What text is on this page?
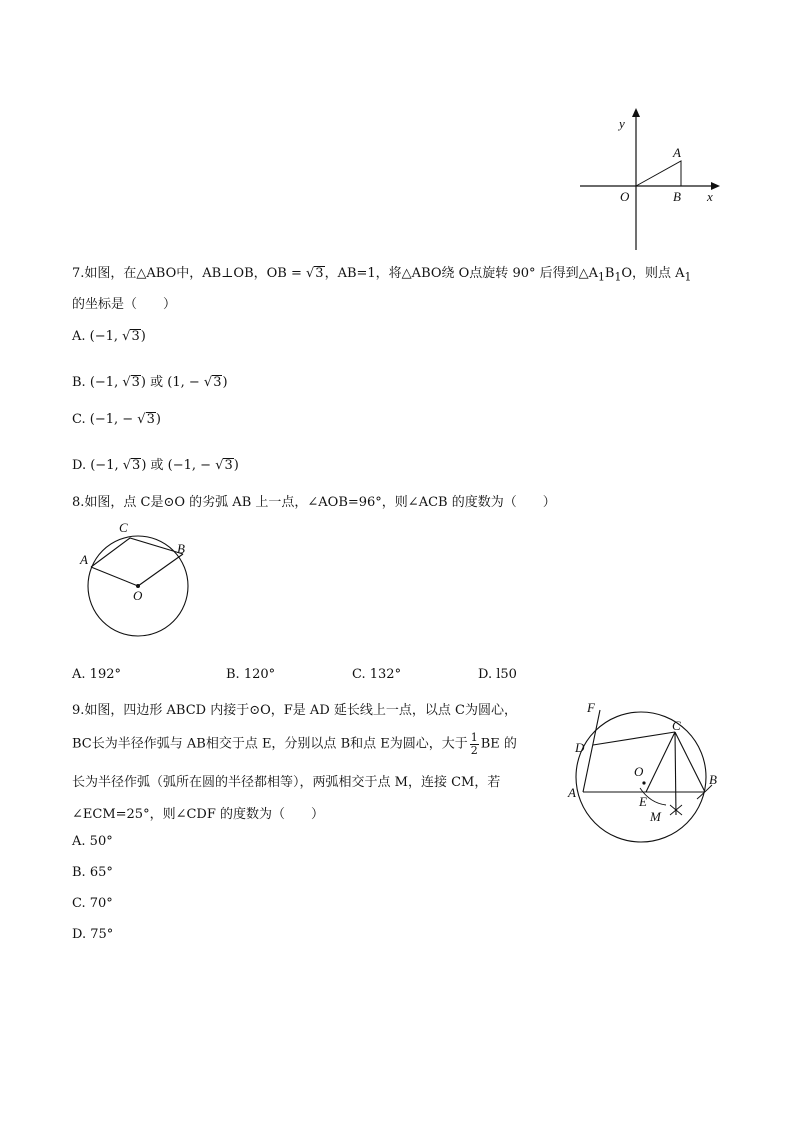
y
x
O
A
B
7.如图，在△ABO中，AB⊥OB，OB = √3，AB=1，将△ABO绕 O点旋转 90° 后得到$\triangle A_1B_1O$，则点 $A_1$
的坐标是（　　）
A. (−1, √3)
B. (−1, √3) 或 (1, − √3)
C. (−1, − √3)
D. (−1, √3) 或 (−1, − √3)
8.如图，点 C是⊙O 的劣弧 AB 上一点，∠AOB=96°，则∠ACB 的度数为（　　）
C
A
B
O
A. 192°	B. 120°	C. 132°	D. l50
9.如图，四边形 ABCD 内接于⊙O，F是 AD 延长线上一点，以点 C为圆心，
BC长为半径作弧与 AB相交于点 E，分别以点 B和点 E为圆心，大于 $\frac{1}{2}$ BE 的
长为半径作弧（弧所在圆的半径都相等），两弧相交于点 M，连接 CM，若
∠ECM=25°，则∠CDF 的度数为（　　）
A. 50°
B. 65°
C. 70°
D. 75°
F
C
D
O
A
E
B
M
